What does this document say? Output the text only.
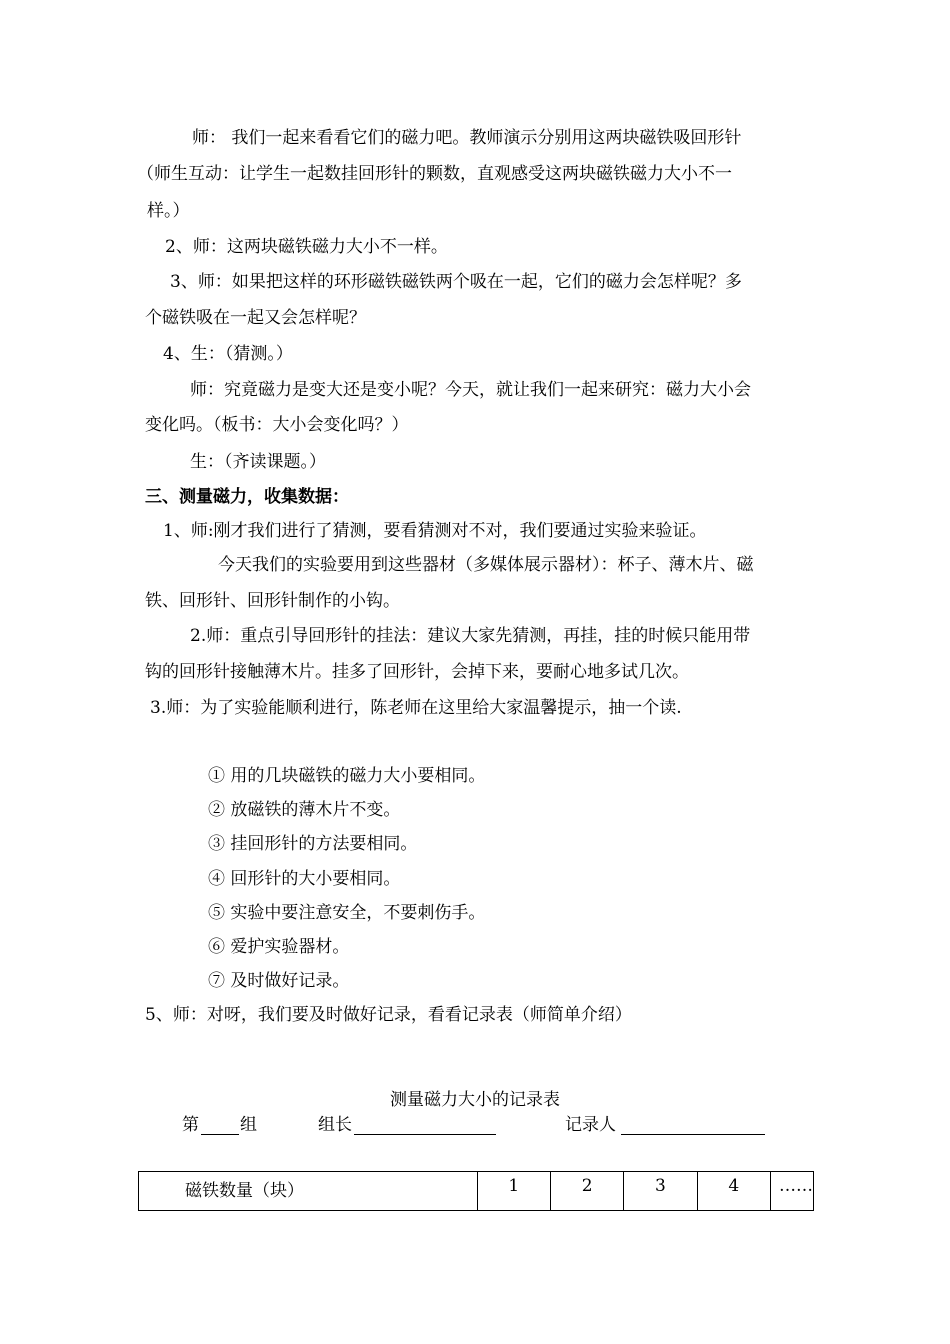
师： 我们一起来看看它们的磁力吧。教师演示分别用这两块磁铁吸回形针
（师生互动：让学生一起数挂回形针的颗数，直观感受这两块磁铁磁力大小不一
样。）
2、师：这两块磁铁磁力大小不一样。
3、师：如果把这样的环形磁铁磁铁两个吸在一起，它们的磁力会怎样呢？多
个磁铁吸在一起又会怎样呢？
4、生：（猜测。）
师：究竟磁力是变大还是变小呢？今天，就让我们一起来研究：磁力大小会
变化吗。（板书：大小会变化吗？）
生：（齐读课题。）
三、测量磁力，收集数据：
1、师:刚才我们进行了猜测，要看猜测对不对，我们要通过实验来验证。
今天我们的实验要用到这些器材（多媒体展示器材）：杯子、薄木片、磁
铁、回形针、回形针制作的小钩。
2.师：重点引导回形针的挂法：建议大家先猜测，再挂，挂的时候只能用带
钩的回形针接触薄木片。挂多了回形针，会掉下来，要耐心地多试几次。
3.师：为了实验能顺利进行，陈老师在这里给大家温馨提示，抽一个读.
① 用的几块磁铁的磁力大小要相同。
② 放磁铁的薄木片不变。
③ 挂回形针的方法要相同。
④ 回形针的大小要相同。
⑤ 实验中要注意安全，不要刺伤手。
⑥ 爱护实验器材。
⑦ 及时做好记录。
5、师：对呀，我们要及时做好记录，看看记录表（师简单介绍）
测量磁力大小的记录表
第 组	组长	记录人
磁铁数量（块）	1	2	3	4	……
